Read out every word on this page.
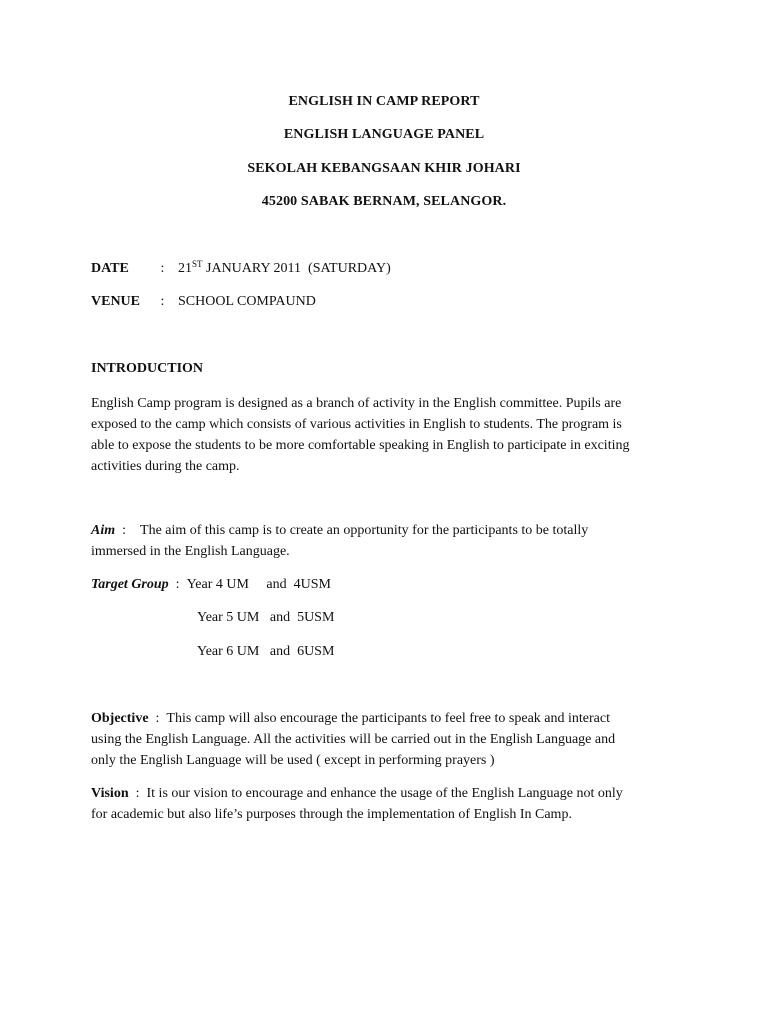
ENGLISH IN CAMP REPORT
ENGLISH LANGUAGE PANEL
SEKOLAH KEBANGSAAN KHIR JOHARI
45200 SABAK BERNAM, SELANGOR.
DATE : 21ST JANUARY 2011  (SATURDAY)
VENUE : SCHOOL COMPAUND
INTRODUCTION
English Camp program is designed as a branch of activity in the English committee. Pupils are
exposed to the camp which consists of various activities in English to students. The program is
able to expose the students to be more comfortable speaking in English to participate in exciting
activities during the camp.
Aim : The aim of this camp is to create an opportunity for the participants to be totally
immersed in the English Language.
Target Group : Year 4 UM     and  4USM
Year 5 UM   and  5USM
Year 6 UM   and  6USM
Objective : This camp will also encourage the participants to feel free to speak and interact
using the English Language. All the activities will be carried out in the English Language and
only the English Language will be used ( except in performing prayers )
Vision : It is our vision to encourage and enhance the usage of the English Language not only
for academic but also life’s purposes through the implementation of English In Camp.
